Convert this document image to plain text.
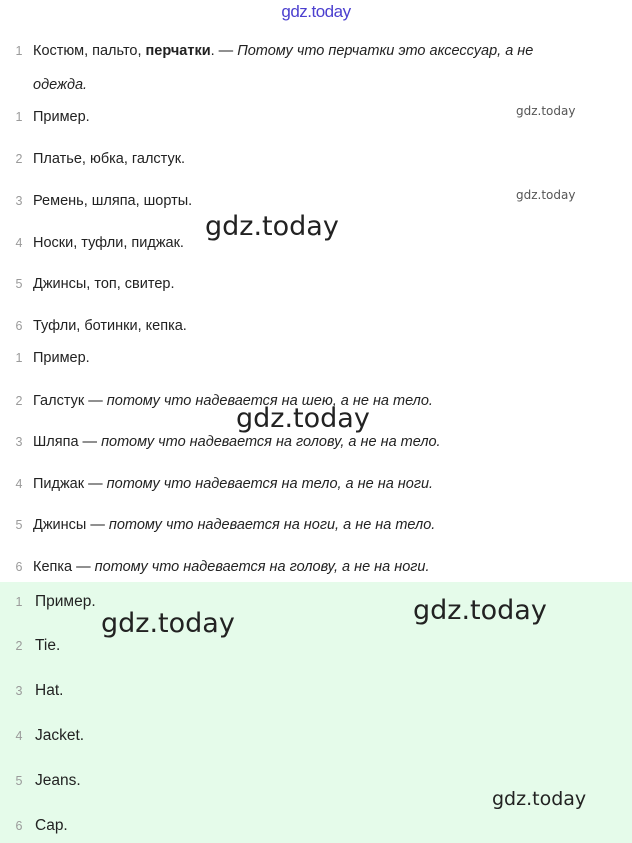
gdz.today
1 Костюм, пальто, перчатки. — Потому что перчатки это аксессуар, а не
одежда.
1 Пример.
2 Платье, юбка, галстук.
3 Ремень, шляпа, шорты.
4 Носки, туфли, пиджак.
5 Джинсы, топ, свитер.
6 Туфли, ботинки, кепка.
1 Пример.
2 Галстук — потому что надевается на шею, а не на тело.
3 Шляпа — потому что надевается на голову, а не на тело.
4 Пиджак — потому что надевается на тело, а не на ноги.
5 Джинсы — потому что надевается на ноги, а не на тело.
6 Кепка — потому что надевается на голову, а не на ноги.
1 Пример.
2 Tie.
3 Hat.
4 Jacket.
5 Jeans.
6 Cap.
gdz.today
gdz.today
gdz.today
gdz.today
gdz.today	gdz.today
gdz.today
